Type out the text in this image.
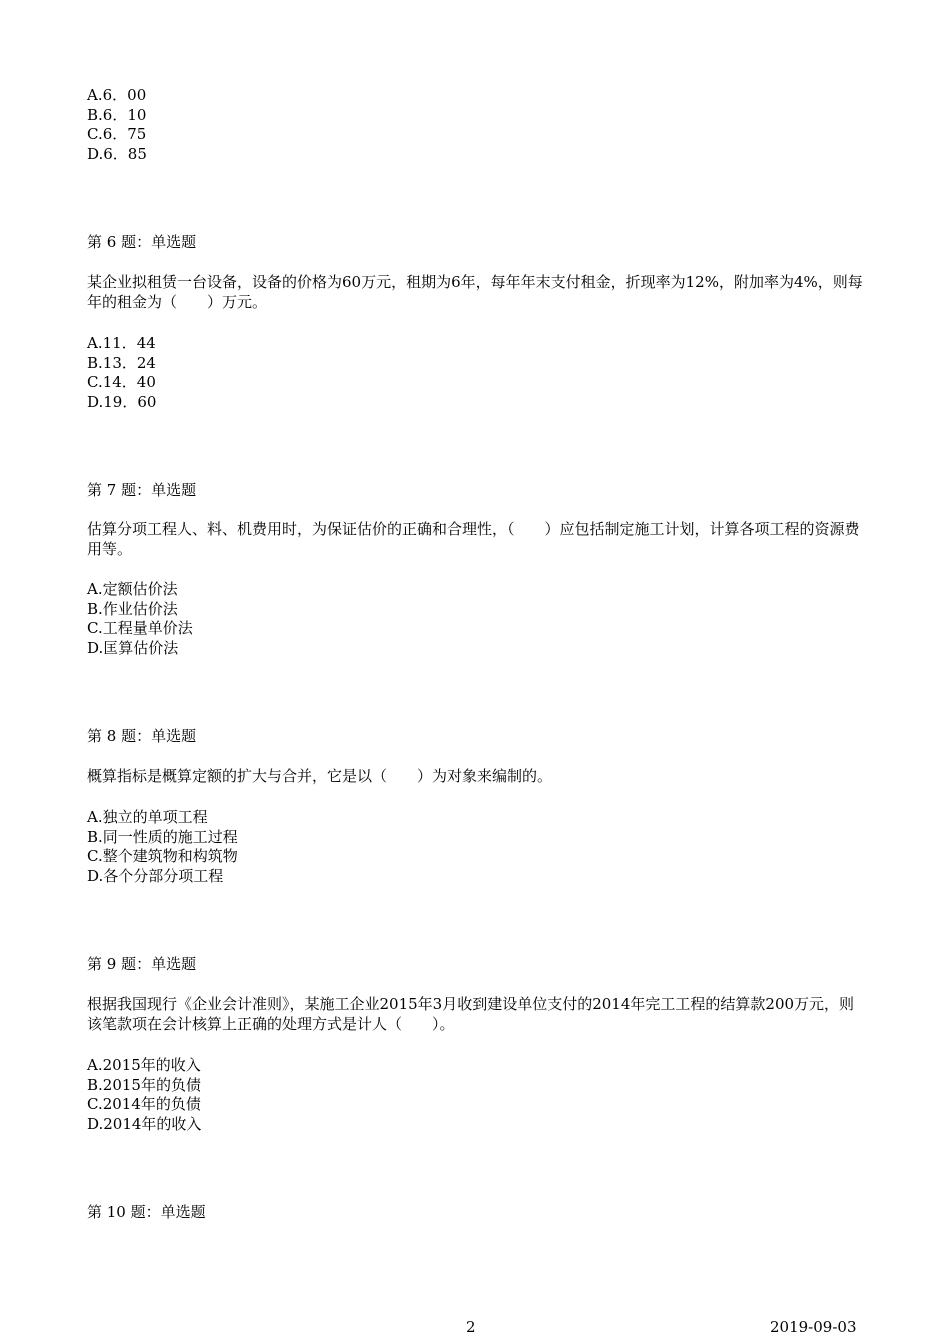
A.6．00
B.6．10
C.6．75
D.6．85
第 6 题：单选题
某企业拟租赁一台设备，设备的价格为60万元，租期为6年，每年年末支付租金，折现率为12%，附加率为4%，则每年的租金为（　　）万元。
A.11．44
B.13．24
C.14．40
D.19．60
第 7 题：单选题
估算分项工程人、料、机费用时，为保证估价的正确和合理性，（　　）应包括制定施工计划，计算各项工程的资源费用等。
A.定额估价法
B.作业估价法
C.工程量单价法
D.匡算估价法
第 8 题：单选题
概算指标是概算定额的扩大与合并，它是以（　　）为对象来编制的。
A.独立的单项工程
B.同一性质的施工过程
C.整个建筑物和构筑物
D.各个分部分项工程
第 9 题：单选题
根据我国现行《企业会计准则》，某施工企业2015年3月收到建设单位支付的2014年完工工程的结算款200万元，则该笔款项在会计核算上正确的处理方式是计人（　　）。
A.2015年的收入
B.2015年的负债
C.2014年的负债
D.2014年的收入
第 10 题：单选题
2	2019-09-03
